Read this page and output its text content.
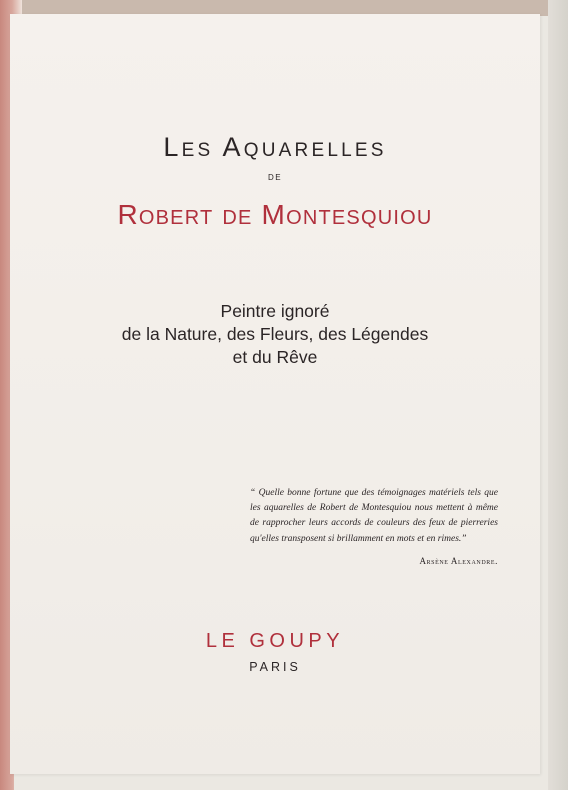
Les Aquarelles
de
Robert de Montesquiou
Peintre ignoré
de la Nature, des Fleurs, des Légendes
et du Rêve
“ Quelle bonne fortune que des témoignages matériels tels que les aquarelles de Robert de Montesquiou nous mettent à même de rapprocher leurs accords de couleurs des feux de pierreries qu'elles transposent si brillamment en mots et en rimes.”
Arsène Alexandre.
LE GOUPY
PARIS
